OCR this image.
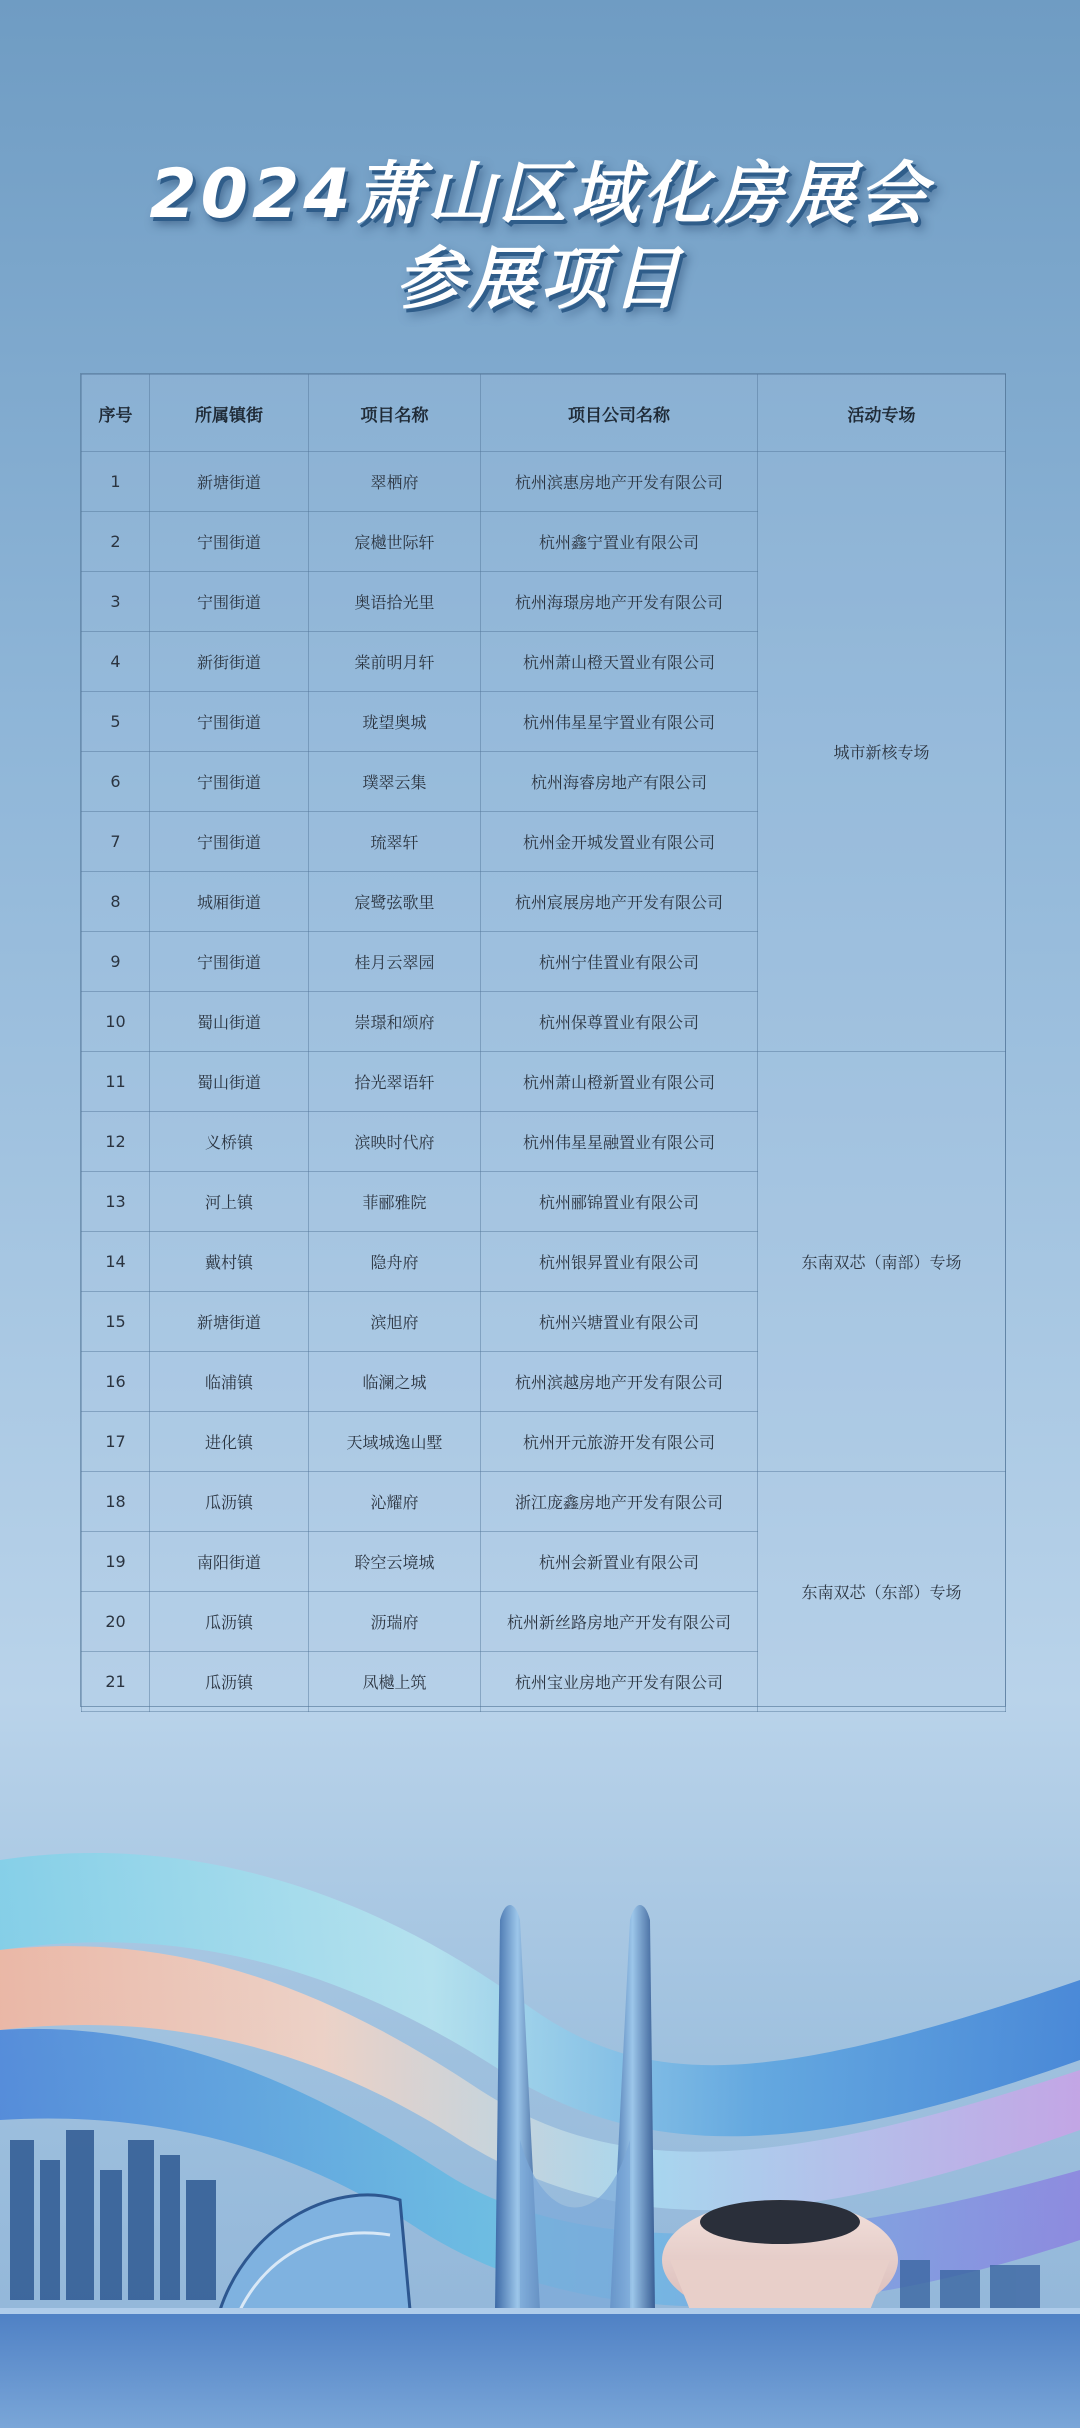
2024萧山区域化房展会
参展项目
序号	所属镇街	项目名称	项目公司名称	活动专场
1	新塘街道	翠栖府	杭州滨惠房地产开发有限公司	城市新核专场
2	宁围街道	宸樾世际轩	杭州鑫宁置业有限公司	
3	宁围街道	奥语拾光里	杭州海璟房地产开发有限公司	
4	新街街道	棠前明月轩	杭州萧山橙天置业有限公司	
5	宁围街道	珑望奥城	杭州伟星星宇置业有限公司	
6	宁围街道	璞翠云集	杭州海睿房地产有限公司	
7	宁围街道	琉翠轩	杭州金开城发置业有限公司	
8	城厢街道	宸鹭弦歌里	杭州宸展房地产开发有限公司	
9	宁围街道	桂月云翠园	杭州宁佳置业有限公司	
10	蜀山街道	崇璟和颂府	杭州保尊置业有限公司	
11	蜀山街道	拾光翠语轩	杭州萧山橙新置业有限公司	东南双芯（南部）专场
12	义桥镇	滨映时代府	杭州伟星星融置业有限公司	
13	河上镇	菲郦雅院	杭州郦锦置业有限公司	
14	戴村镇	隐舟府	杭州银昇置业有限公司	
15	新塘街道	滨旭府	杭州兴塘置业有限公司	
16	临浦镇	临澜之城	杭州滨越房地产开发有限公司	
17	进化镇	天域城逸山墅	杭州开元旅游开发有限公司	
18	瓜沥镇	沁耀府	浙江庞鑫房地产开发有限公司	东南双芯（东部）专场
19	南阳街道	聆空云境城	杭州会新置业有限公司	
20	瓜沥镇	沥瑞府	杭州新丝路房地产开发有限公司	
21	瓜沥镇	凤樾上筑	杭州宝业房地产开发有限公司	
